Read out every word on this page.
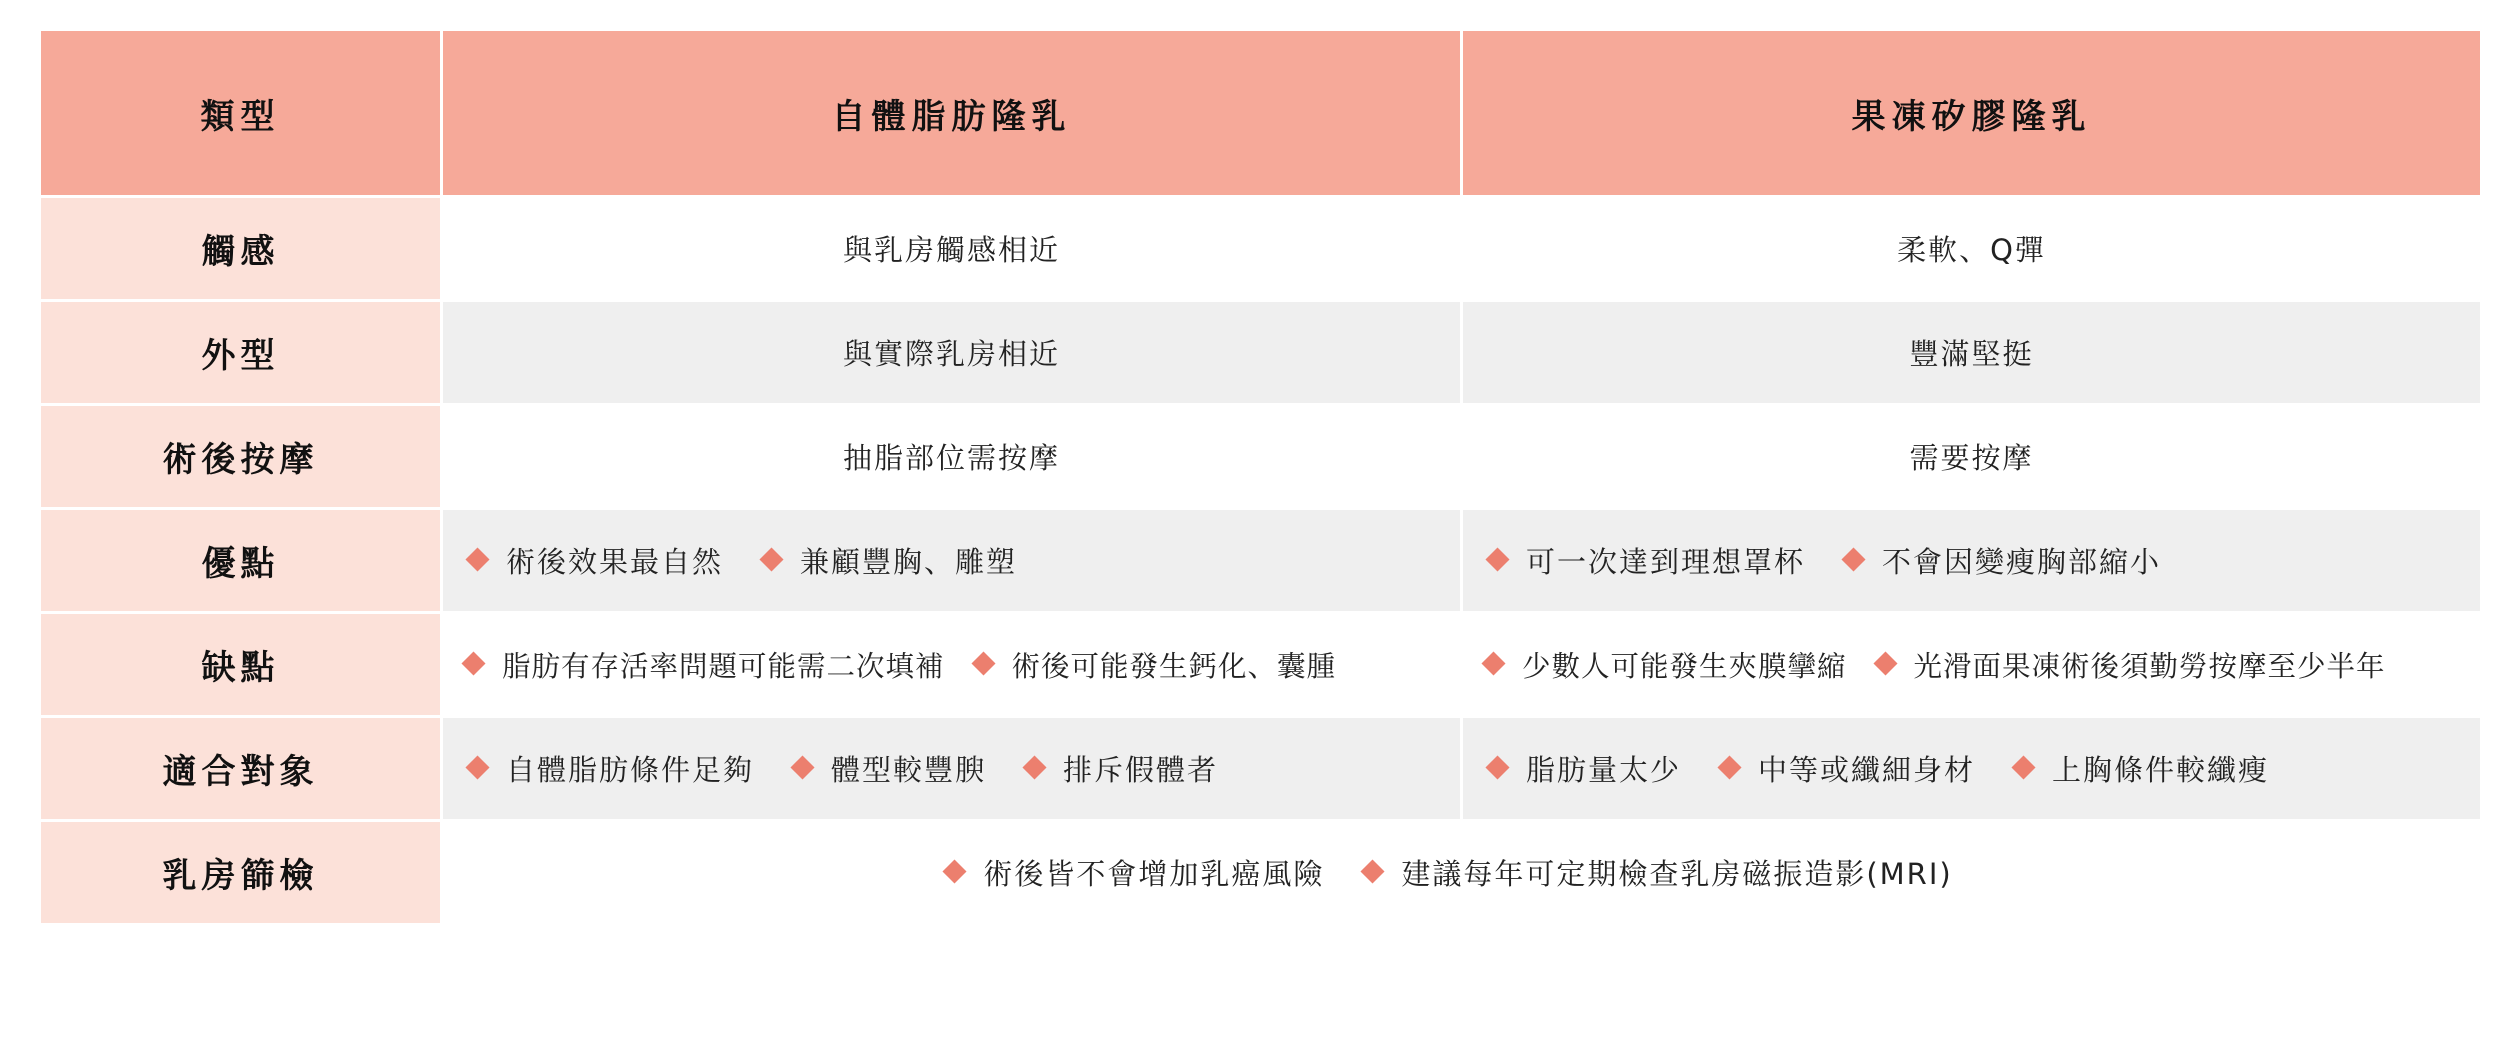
類型	自體脂肪隆乳	果凍矽膠隆乳
觸感	與乳房觸感相近	柔軟、Q彈
外型	與實際乳房相近	豐滿堅挺
術後按摩	抽脂部位需按摩	需要按摩
優點	術後效果最自然 兼顧豐胸、雕塑	可一次達到理想罩杯 不會因變瘦胸部縮小
缺點	脂肪有存活率問題可能需二次填補 術後可能發生鈣化、囊腫	少數人可能發生夾膜攣縮 光滑面果凍術後須勤勞按摩至少半年
適合對象	自體脂肪條件足夠 體型較豐腴 排斥假體者	脂肪量太少 中等或纖細身材 上胸條件較纖瘦
乳房篩檢	術後皆不會增加乳癌風險 建議每年可定期檢查乳房磁振造影(MRI)	
